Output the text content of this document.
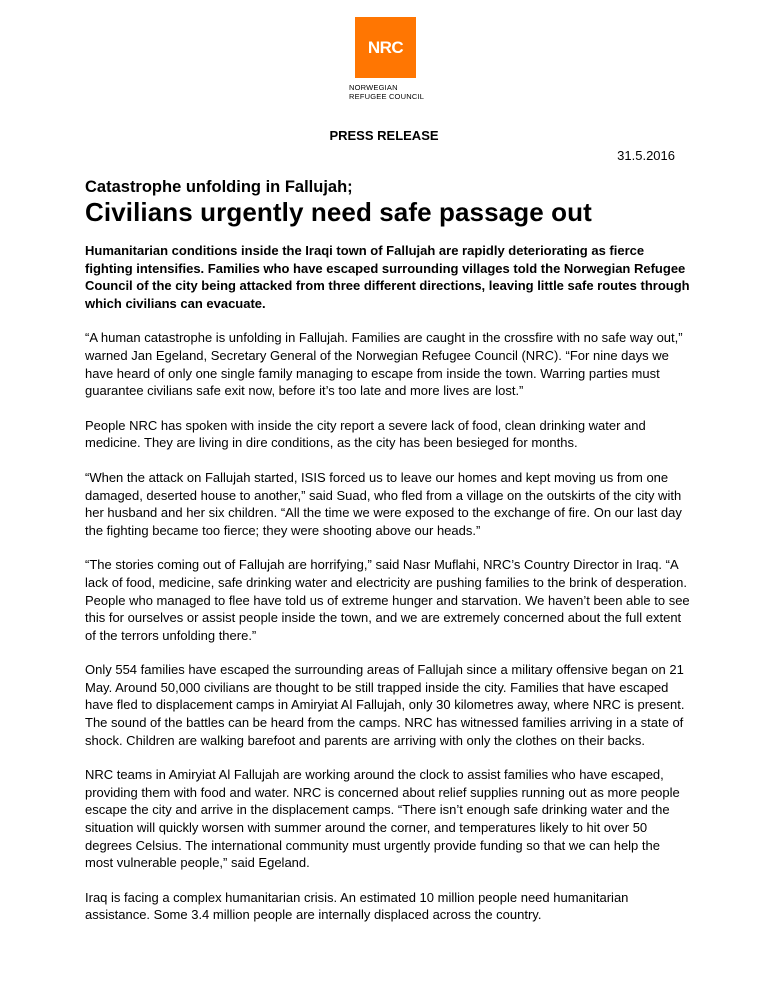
NRC
NORWEGIAN
REFUGEE COUNCIL
PRESS RELEASE
31.5.2016
Catastrophe unfolding in Fallujah;
Civilians urgently need safe passage out

Humanitarian conditions inside the Iraqi town of Fallujah are rapidly deteriorating as fierce fighting intensifies. Families who have escaped surrounding villages told the Norwegian Refugee Council of the city being attacked from three different directions, leaving little safe routes through which civilians can evacuate.

“A human catastrophe is unfolding in Fallujah. Families are caught in the crossfire with no safe way out,” warned Jan Egeland, Secretary General of the Norwegian Refugee Council (NRC). “For nine days we have heard of only one single family managing to escape from inside the town. Warring parties must guarantee civilians safe exit now, before it’s too late and more lives are lost.”

People NRC has spoken with inside the city report a severe lack of food, clean drinking water and medicine. They are living in dire conditions, as the city has been besieged for months.

“When the attack on Fallujah started, ISIS forced us to leave our homes and kept moving us from one damaged, deserted house to another,” said Suad, who fled from a village on the outskirts of the city with her husband and her six children. “All the time we were exposed to the exchange of fire. On our last day the fighting became too fierce; they were shooting above our heads.”

“The stories coming out of Fallujah are horrifying,” said Nasr Muflahi, NRC’s Country Director in Iraq. “A lack of food, medicine, safe drinking water and electricity are pushing families to the brink of desperation. People who managed to flee have told us of extreme hunger and starvation. We haven’t been able to see this for ourselves or assist people inside the town, and we are extremely concerned about the full extent of the terrors unfolding there.”

Only 554 families have escaped the surrounding areas of Fallujah since a military offensive began on 21 May. Around 50,000 civilians are thought to be still trapped inside the city. Families that have escaped have fled to displacement camps in Amiryiat Al Fallujah, only 30 kilometres away, where NRC is present. The sound of the battles can be heard from the camps. NRC has witnessed families arriving in a state of shock. Children are walking barefoot and parents are arriving with only the clothes on their backs.

NRC teams in Amiryiat Al Fallujah are working around the clock to assist families who have escaped, providing them with food and water. NRC is concerned about relief supplies running out as more people escape the city and arrive in the displacement camps. “There isn’t enough safe drinking water and the situation will quickly worsen with summer around the corner, and temperatures likely to hit over 50 degrees Celsius. The international community must urgently provide funding so that we can help the most vulnerable people,” said Egeland.

Iraq is facing a complex humanitarian crisis. An estimated 10 million people need humanitarian assistance. Some 3.4 million people are internally displaced across the country.
